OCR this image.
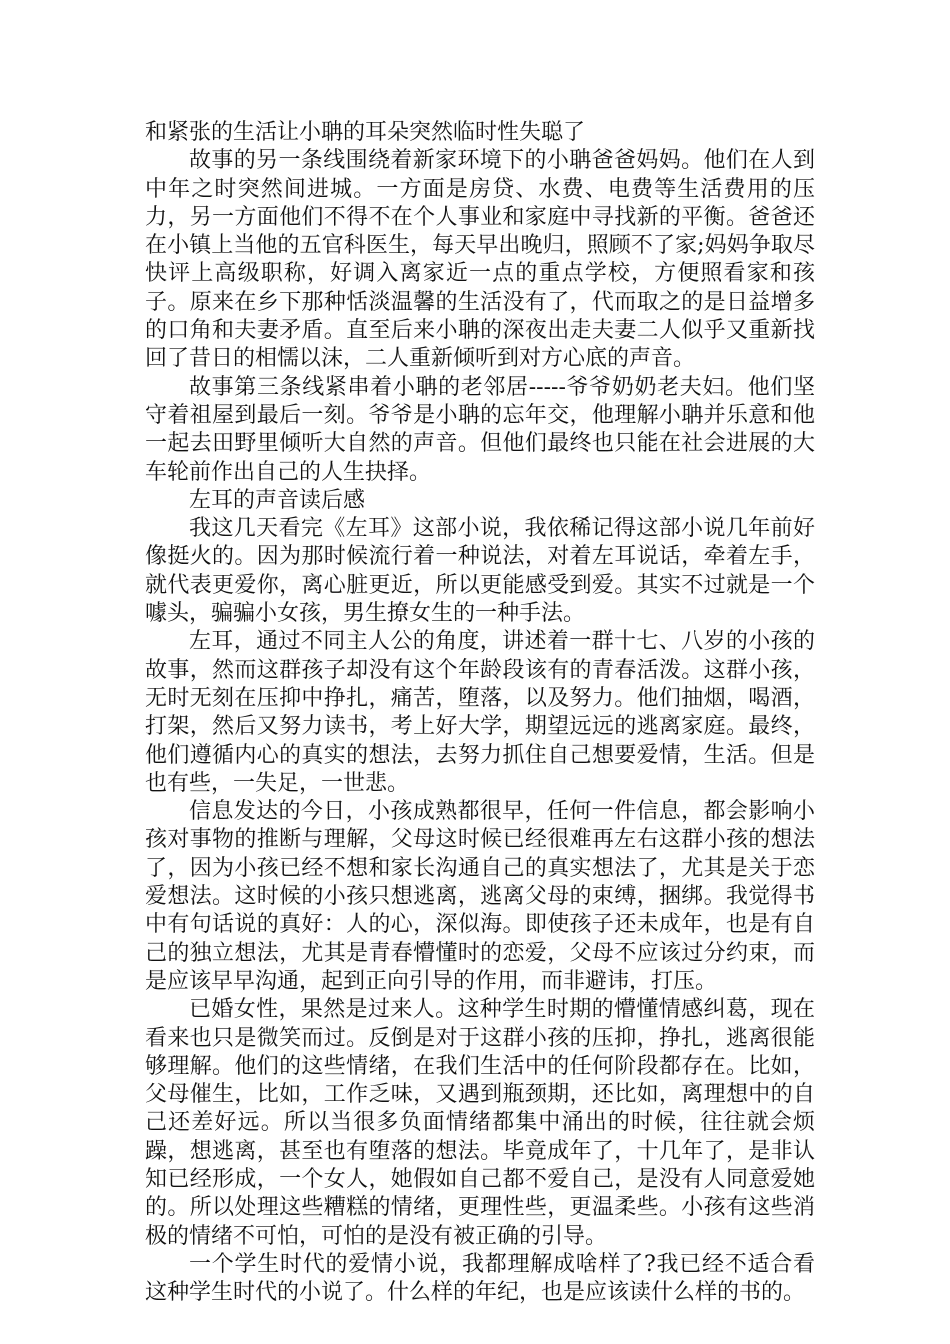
和紧张的生活让小聃的耳朵突然临时性失聪了

故事的另一条线围绕着新家环境下的小聃爸爸妈妈。他们在人到中年之时突然间进城。一方面是房贷、水费、电费等生活费用的压力，另一方面他们不得不在个人事业和家庭中寻找新的平衡。爸爸还在小镇上当他的五官科医生，每天早出晚归，照顾不了家;妈妈争取尽快评上高级职称，好调入离家近一点的重点学校，方便照看家和孩子。原来在乡下那种恬淡温馨的生活没有了，代而取之的是日益增多的口角和夫妻矛盾。直至后来小聃的深夜出走夫妻二人似乎又重新找回了昔日的相懦以沫，二人重新倾听到对方心底的声音。

故事第三条线紧串着小聃的老邻居-----爷爷奶奶老夫妇。他们坚守着祖屋到最后一刻。爷爷是小聃的忘年交，他理解小聃并乐意和他一起去田野里倾听大自然的声音。但他们最终也只能在社会进展的大车轮前作出自己的人生抉择。

左耳的声音读后感

我这几天看完《左耳》这部小说，我依稀记得这部小说几年前好像挺火的。因为那时候流行着一种说法，对着左耳说话，牵着左手，就代表更爱你，离心脏更近，所以更能感受到爱。其实不过就是一个噱头，骗骗小女孩，男生撩女生的一种手法。

左耳，通过不同主人公的角度，讲述着一群十七、八岁的小孩的故事，然而这群孩子却没有这个年龄段该有的青春活泼。这群小孩，无时无刻在压抑中挣扎，痛苦，堕落，以及努力。他们抽烟，喝酒，打架，然后又努力读书，考上好大学，期望远远的逃离家庭。最终，他们遵循内心的真实的想法，去努力抓住自己想要爱情，生活。但是也有些，一失足，一世悲。

信息发达的今日，小孩成熟都很早，任何一件信息，都会影响小孩对事物的推断与理解，父母这时候已经很难再左右这群小孩的想法了，因为小孩已经不想和家长沟通自己的真实想法了，尤其是关于恋爱想法。这时候的小孩只想逃离，逃离父母的束缚，捆绑。我觉得书中有句话说的真好：人的心，深似海。即使孩子还未成年，也是有自己的独立想法，尤其是青春懵懂时的恋爱，父母不应该过分约束，而是应该早早沟通，起到正向引导的作用，而非避讳，打压。

已婚女性，果然是过来人。这种学生时期的懵懂情感纠葛，现在看来也只是微笑而过。反倒是对于这群小孩的压抑，挣扎，逃离很能够理解。他们的这些情绪，在我们生活中的任何阶段都存在。比如，父母催生，比如，工作乏味，又遇到瓶颈期，还比如，离理想中的自己还差好远。所以当很多负面情绪都集中涌出的时候，往往就会烦躁，想逃离，甚至也有堕落的想法。毕竟成年了，十几年了，是非认知已经形成，一个女人，她假如自己都不爱自己，是没有人同意爱她的。所以处理这些糟糕的情绪，更理性些，更温柔些。小孩有这些消极的情绪不可怕，可怕的是没有被正确的引导。

一个学生时代的爱情小说，我都理解成啥样了?我已经不适合看这种学生时代的小说了。什么样的年纪，也是应该读什么样的书的。
